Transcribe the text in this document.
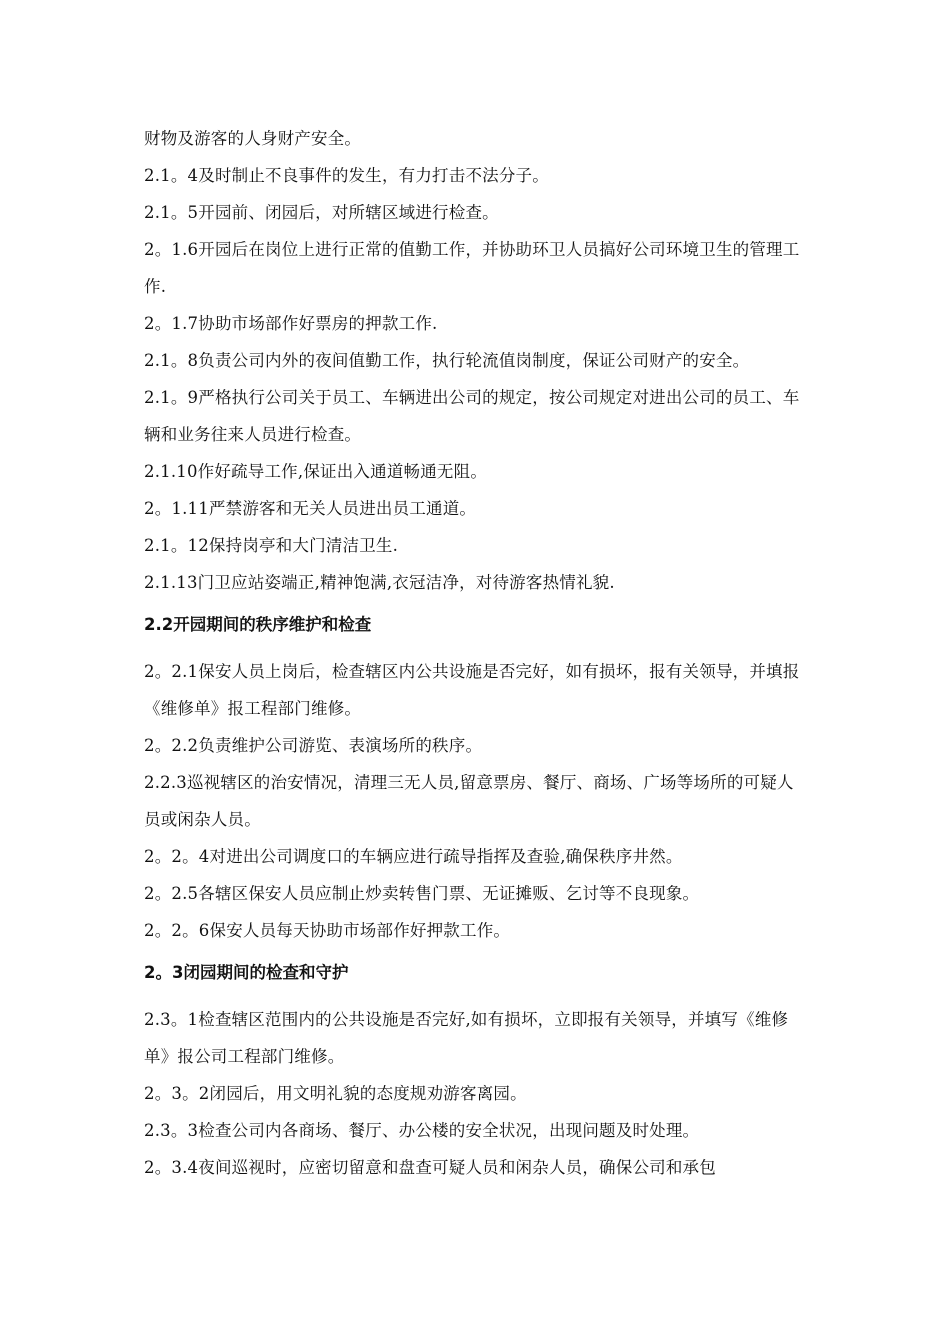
财物及游客的人身财产安全。

2.1。4及时制止不良事件的发生，有力打击不法分子。

2.1。5开园前、闭园后，对所辖区域进行检查。

2。1.6开园后在岗位上进行正常的值勤工作，并协助环卫人员搞好公司环境卫生的管理工作.

2。1.7协助市场部作好票房的押款工作.

2.1。8负责公司内外的夜间值勤工作，执行轮流值岗制度，保证公司财产的安全。

2.1。9严格执行公司关于员工、车辆进出公司的规定，按公司规定对进出公司的员工、车辆和业务往来人员进行检查。

2.1.10作好疏导工作,保证出入通道畅通无阻。

2。1.11严禁游客和无关人员进出员工通道。

2.1。12保持岗亭和大门清洁卫生.

2.1.13门卫应站姿端正,精神饱满,衣冠洁净，对待游客热情礼貌.

2.2开园期间的秩序维护和检查

2。2.1保安人员上岗后，检查辖区内公共设施是否完好，如有损坏，报有关领导，并填报《维修单》报工程部门维修。

2。2.2负责维护公司游览、表演场所的秩序。

2.2.3巡视辖区的治安情况，清理三无人员,留意票房、餐厅、商场、广场等场所的可疑人员或闲杂人员。

2。2。4对进出公司调度口的车辆应进行疏导指挥及查验,确保秩序井然。

2。2.5各辖区保安人员应制止炒卖转售门票、无证摊贩、乞讨等不良现象。

2。2。6保安人员每天协助市场部作好押款工作。

2。3闭园期间的检查和守护

2.3。1检查辖区范围内的公共设施是否完好,如有损坏，立即报有关领导，并填写《维修单》报公司工程部门维修。

2。3。2闭园后，用文明礼貌的态度规劝游客离园。

2.3。3检查公司内各商场、餐厅、办公楼的安全状况，出现问题及时处理。

2。3.4夜间巡视时，应密切留意和盘查可疑人员和闲杂人员，确保公司和承包
